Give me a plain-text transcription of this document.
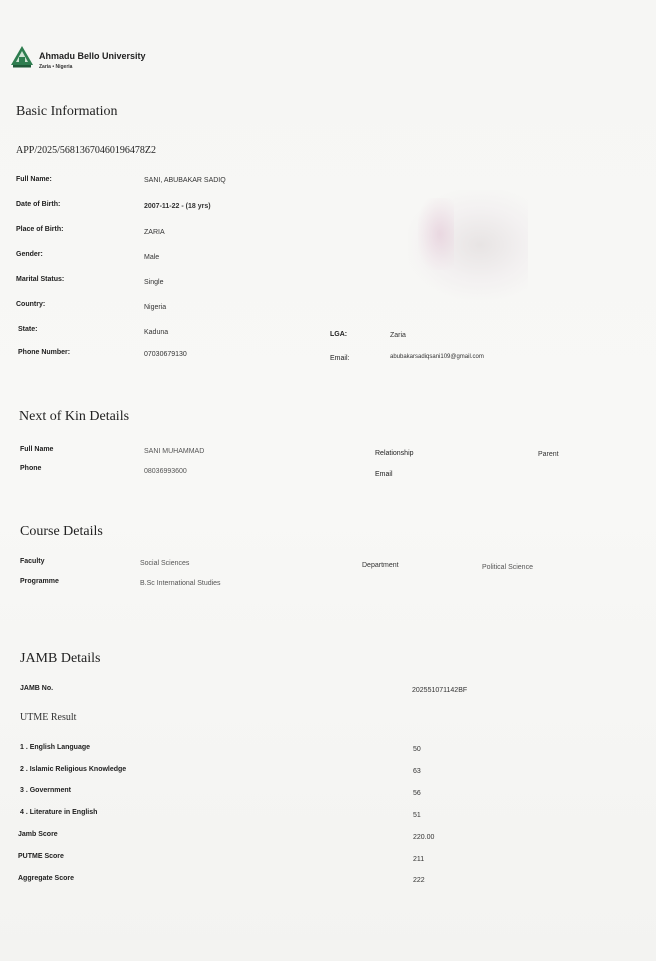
Ahmadu Bello University
Zaria • Nigeria
Basic Information
APP/2025/56813670460196478Z2
Full Name:	SANI, ABUBAKAR SADIQ
Date of Birth:	2007-11-22 - (18 yrs)
Place of Birth:	ZARIA
Gender:	Male
Marital Status:	Single
Country:	Nigeria
State:	Kaduna	LGA:	Zaria
Phone Number:	07030679130
Email:	abubakarsadiqsani109@gmail.com
Next of Kin Details
Full Name	SANI MUHAMMAD	Relationship	Parent
Phone	08036993600	Email
Course Details
Faculty	Social Sciences	Department	Political Science
Programme	B.Sc International Studies
JAMB Details
JAMB No.	202551071142BF
UTME Result
1 . English Language	50
2 . Islamic Religious Knowledge	63
3 . Government	56
4 . Literature in English	51
Jamb Score	220.00
PUTME Score	211
Aggregate Score	222
